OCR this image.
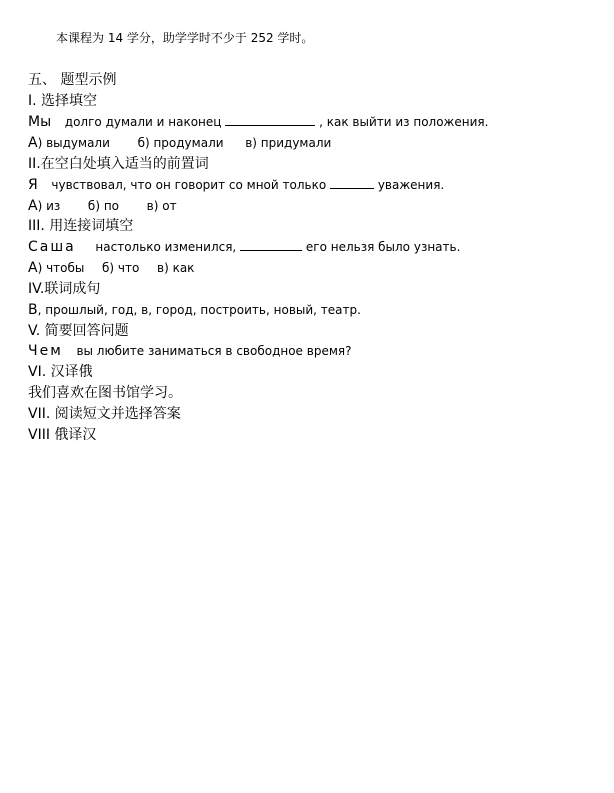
本课程为 14 学分，助学学时不少于 252 学时。
五、 题型示例
I. 选择填空
Мы долго думали и наконец	, как выйти из положения.
А) выдумали б) продумали в) придумали
II.在空白处填入适当的前置词
Я чувствовал, что он говорит со мной только	уважения.
А) из б) по в) от
III. 用连接词填空
Саша настолько изменился,	его нельзя было узнать.
А) чтобы б) что в) как
IV.联词成句
В, прошлый, год, в, город, построить, новый, театр.
V. 简要回答问题
Чем вы любите заниматься в свободное время?
VI. 汉译俄
我们喜欢在图书馆学习。
VII. 阅读短文并选择答案
VIII 俄译汉
